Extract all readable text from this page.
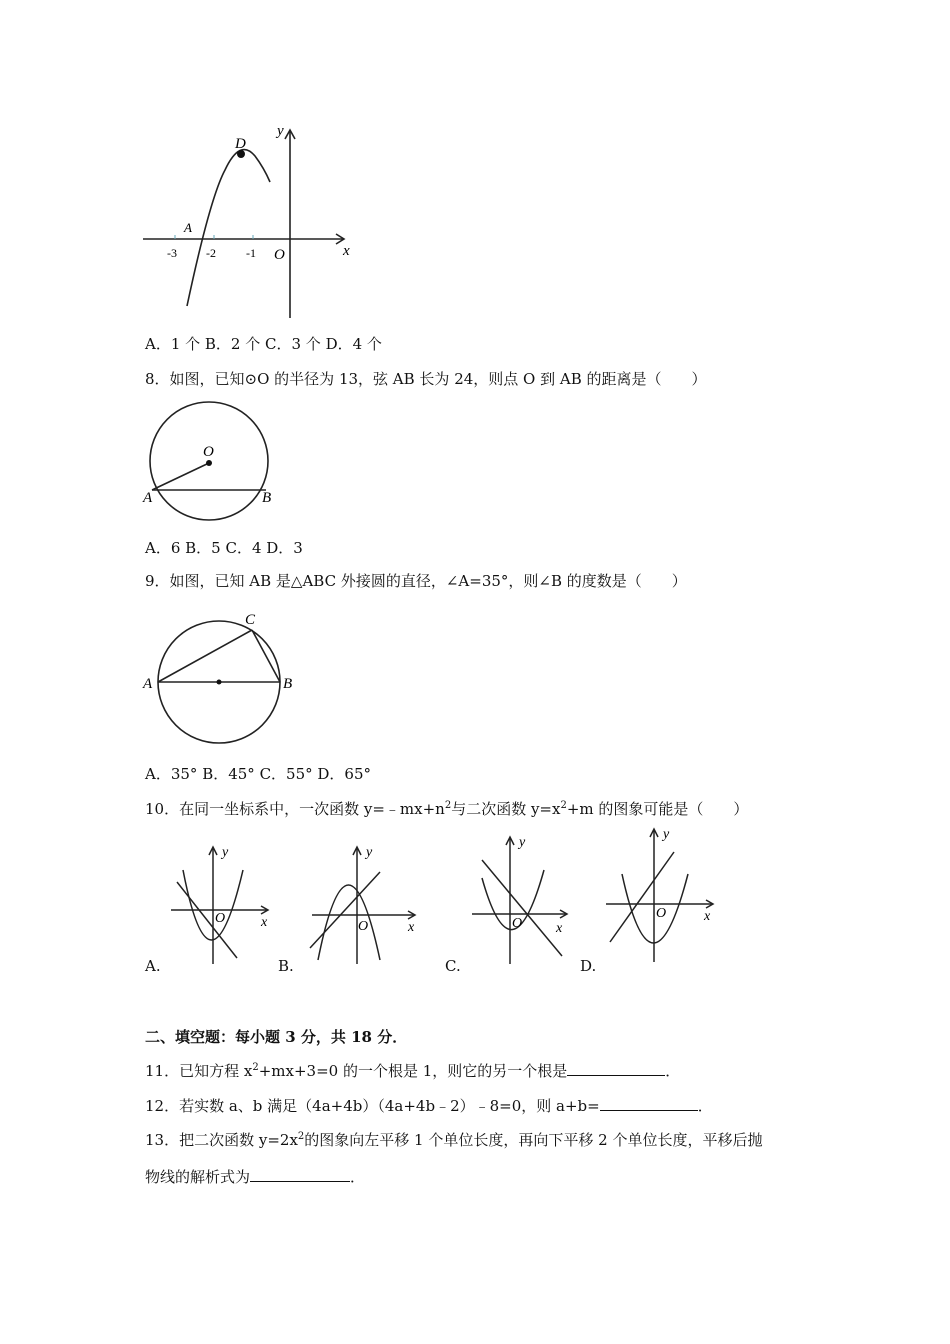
y
x
D
A
O
-3 -2	-1
A．1 个 B．2 个 C．3 个 D．4 个
8．如图，已知⊙O 的半径为 13，弦 AB 长为 24，则点 O 到 AB 的距离是（　　）
O
A	B
A．6 B．5 C．4 D．3
9．如图，已知 AB 是△ABC 外接圆的直径，∠A=35°，则∠B 的度数是（　　）
A	B
C
A．35° B．45° C．55° D．65°
10．在同一坐标系中，一次函数 $y=﹣mx+n^2$与二次函数 $y=x^2+m$ 的图象可能是（　　）
y
x
O
A.
y
x
O
B.
y
x
O
C.
y
x
O
D.
二、填空题：每小题 3 分，共 18 分．
11．已知方程 $x^2+mx+3=0$ 的一个根是 1，则它的另一个根是	．
12．若实数 a、b 满足（4a+4b）（4a+4b﹣2）﹣8=0，则 a+b=	．
13．把二次函数 $y=2x^2$的图象向左平移 1 个单位长度，再向下平移 2 个单位长度，平移后抛
物线的解析式为	．
